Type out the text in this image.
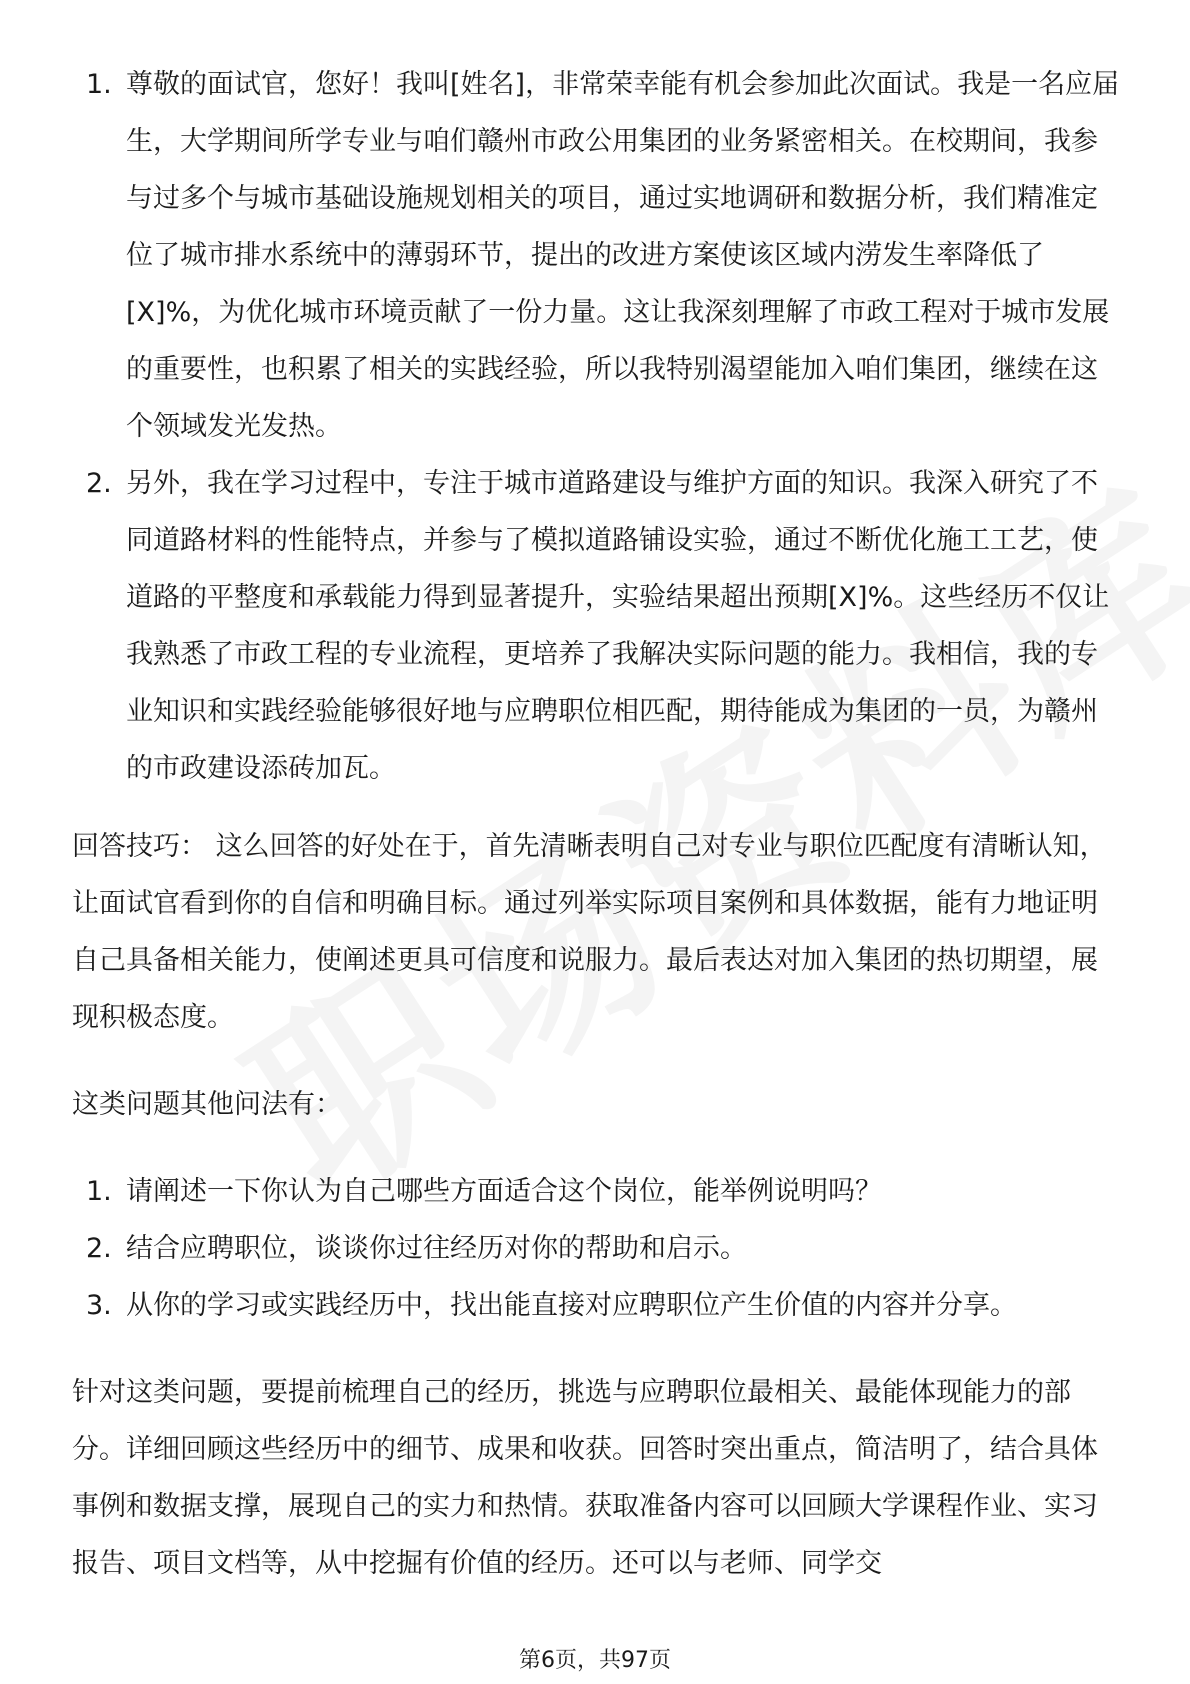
1. 尊敬的面试官，您好！我叫[姓名]，非常荣幸能有机会参加此次面试。我是一名应届生，大学期间所学专业与咱们赣州市政公用集团的业务紧密相关。在校期间，我参与过多个与城市基础设施规划相关的项目，通过实地调研和数据分析，我们精准定位了城市排水系统中的薄弱环节，提出的改进方案使该区域内涝发生率降低了[X]%，为优化城市环境贡献了一份力量。这让我深刻理解了市政工程对于城市发展的重要性，也积累了相关的实践经验，所以我特别渴望能加入咱们集团，继续在这个领域发光发热。
2. 另外，我在学习过程中，专注于城市道路建设与维护方面的知识。我深入研究了不同道路材料的性能特点，并参与了模拟道路铺设实验，通过不断优化施工工艺，使道路的平整度和承载能力得到显著提升，实验结果超出预期[X]%。这些经历不仅让我熟悉了市政工程的专业流程，更培养了我解决实际问题的能力。我相信，我的专业知识和实践经验能够很好地与应聘职位相匹配，期待能成为集团的一员，为赣州的市政建设添砖加瓦。

回答技巧： 这么回答的好处在于，首先清晰表明自己对专业与职位匹配度有清晰认知，让面试官看到你的自信和明确目标。通过列举实际项目案例和具体数据，能有力地证明自己具备相关能力，使阐述更具可信度和说服力。最后表达对加入集团的热切期望，展现积极态度。

这类问题其他问法有：

1. 请阐述一下你认为自己哪些方面适合这个岗位，能举例说明吗？
2. 结合应聘职位，谈谈你过往经历对你的帮助和启示。
3. 从你的学习或实践经历中，找出能直接对应聘职位产生价值的内容并分享。

针对这类问题，要提前梳理自己的经历，挑选与应聘职位最相关、最能体现能力的部分。详细回顾这些经历中的细节、成果和收获。回答时突出重点，简洁明了，结合具体事例和数据支撑，展现自己的实力和热情。获取准备内容可以回顾大学课程作业、实习报告、项目文档等，从中挖掘有价值的经历。还可以与老师、同学交

第6页，共97页
